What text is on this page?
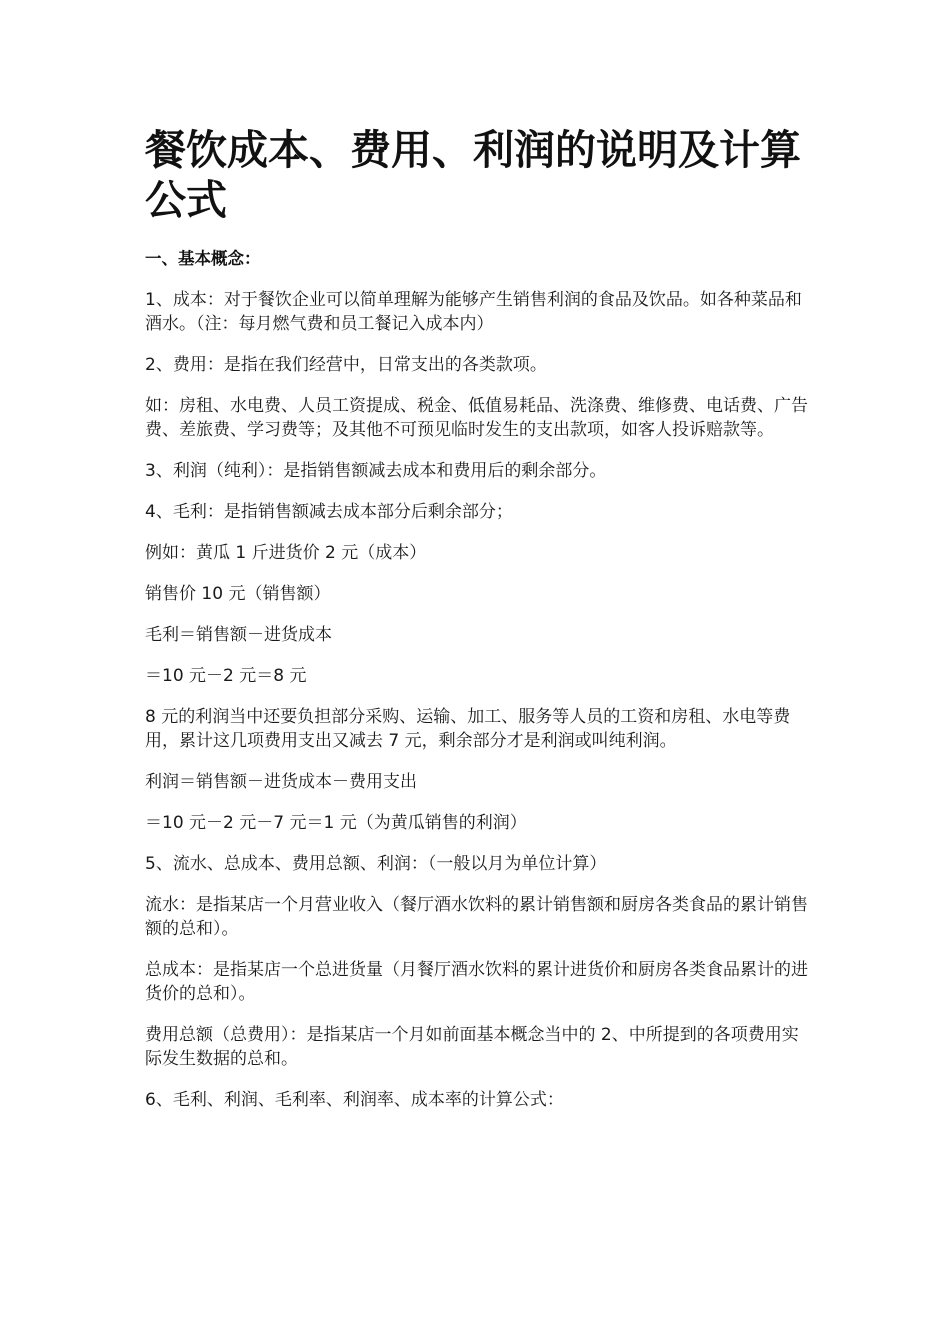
餐饮成本、费用、利润的说明及计算公式
一、基本概念：

1、成本：对于餐饮企业可以简单理解为能够产生销售利润的食品及饮品。如各种菜品和酒水。（注：每月燃气费和员工餐记入成本内）

2、费用：是指在我们经营中，日常支出的各类款项。

如：房租、水电费、人员工资提成、税金、低值易耗品、洗涤费、维修费、电话费、广告费、差旅费、学习费等；及其他不可预见临时发生的支出款项，如客人投诉赔款等。

3、利润（纯利）：是指销售额减去成本和费用后的剩余部分。

4、毛利：是指销售额减去成本部分后剩余部分；

例如：黄瓜 1 斤进货价 2 元（成本）

销售价 10 元（销售额）

毛利＝销售额－进货成本

＝10 元－2 元＝8 元

8 元的利润当中还要负担部分采购、运输、加工、服务等人员的工资和房租、水电等费用，累计这几项费用支出又减去 7 元，剩余部分才是利润或叫纯利润。

利润＝销售额－进货成本－费用支出

＝10 元－2 元－7 元＝1 元（为黄瓜销售的利润）

5、流水、总成本、费用总额、利润：（一般以月为单位计算）

流水：是指某店一个月营业收入（餐厅酒水饮料的累计销售额和厨房各类食品的累计销售额的总和）。

总成本：是指某店一个总进货量（月餐厅酒水饮料的累计进货价和厨房各类食品累计的进货价的总和）。

费用总额（总费用）：是指某店一个月如前面基本概念当中的 2、中所提到的各项费用实际发生数据的总和。

6、毛利、利润、毛利率、利润率、成本率的计算公式：
